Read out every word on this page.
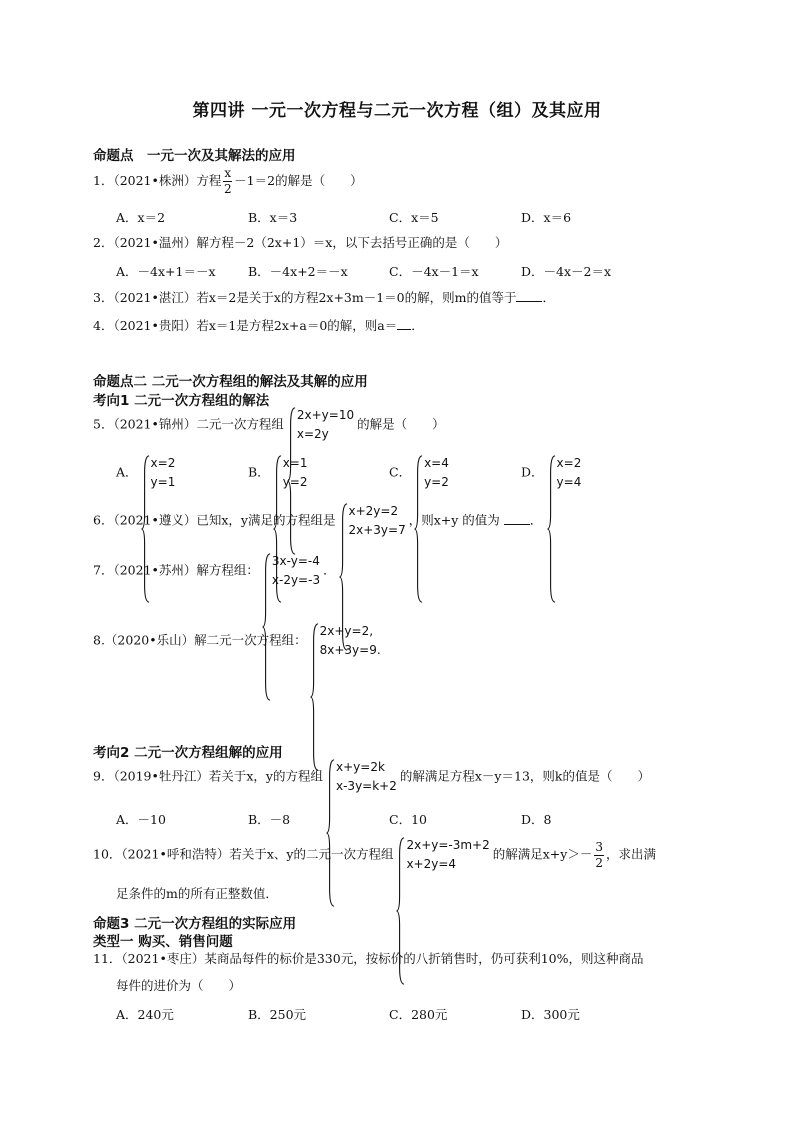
第四讲 一元一次方程与二元一次方程（组）及其应用
命题点　一元一次及其解法的应用
1．（2021•株洲）方程 $\frac{x}{2} -1=2$的解是（　　）
A．x＝2	B．x＝3	C．x＝5	D．x＝6
2．（2021•温州）解方程－2（2x+1）＝x，以下去括号正确的是（　　）
A．－4x+1＝－x	B．－4x+2＝－x	C．－4x－1＝x	D．－4x－2＝x
3．（2021•湛江）若x＝2是关于x的方程2x+3m－1＝0的解，则m的值等于 ．
4．（2021•贵阳）若x＝1是方程2x+a＝0的解，则a＝ ．
命题点二 二元一次方程组的解法及其解的应用
考向1 二元一次方程组的解法
5．（2021•锦州）二元一次方程组
2x+y=10
x=2y
的解是（　　）
A．
x=2
y=1
B．
x=1
y=2
C．
x=4
y=2
D．
x=2
y=4
6．（2021•遵义）已知x，y满足的方程组是
x+2y=2
2x+3y=7
，则x+y 的值为 ．
7．（2021•苏州）解方程组：
3x-y=-4
x-2y=-3
．
8.（2020•乐山）解二元一次方程组：
2x+y=2,
8x+3y=9.
考向2 二元一次方程组解的应用
9．（2019•牡丹江）若关于x，y的方程组
x+y=2k
x-3y=k+2
的解满足方程x－y＝13，则k的值是（　　）
A．－10	B．－8	C．10	D．8
10．（2021•呼和浩特）若关于x、y的二元一次方程组
2x+y=-3m+2
x+2y=4
的解满足$x+y>- \frac{3}{2}$ ，求出满
足条件的m的所有正整数值．
命题3 二元一次方程组的实际应用
类型一 购买、销售问题
11．（2021•枣庄）某商品每件的标价是330元，按标价的八折销售时，仍可获利10%，则这种商品
每件的进价为（　　）
A．240元	B．250元	C．280元	D．300元
